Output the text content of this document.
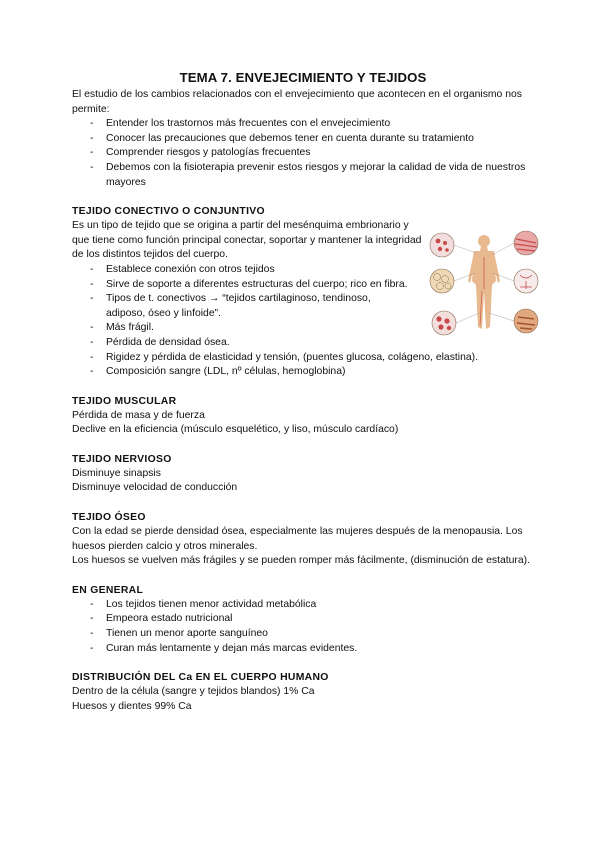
TEMA 7. ENVEJECIMIENTO Y TEJIDOS

El estudio de los cambios relacionados con el envejecimiento que acontecen en el organismo nos permite:

- Entender los trastornos más frecuentes con el envejecimiento
- Conocer las precauciones que debemos tener en cuenta durante su tratamiento
- Comprender riesgos y patologías frecuentes
- Debemos con la fisioterapia prevenir estos riesgos y mejorar la calidad de vida de nuestros mayores
TEJIDO CONECTIVO O CONJUNTIVO

Es un tipo de tejido que se origina a partir del mesénquima embrionario y que tiene como función principal conectar, soportar y mantener la integridad de los distintos tejidos del cuerpo.

- Establece conexión con otros tejidos
- Sirve de soporte a diferentes estructuras del cuerpo; rico en fibra.
- Tipos de t. conectivos → “tejidos cartilaginoso, tendinoso, adiposo, óseo y linfoide”.
- Más frágil.
- Pérdida de densidad ósea.
- Rigidez y pérdida de elasticidad y tensión, (puentes glucosa, colágeno, elastina).
- Composición sangre (LDL, nº células, hemoglobina)
TEJIDO MUSCULAR

Pérdida de masa y de fuerza

Declive en la eficiencia (músculo esquelético, y liso, músculo cardíaco)

TEJIDO NERVIOSO

Disminuye sinapsis

Disminuye velocidad de conducción

TEJIDO ÓSEO

Con la edad se pierde densidad ósea, especialmente las mujeres después de la menopausia. Los huesos pierden calcio y otros minerales.

Los huesos se vuelven más frágiles y se pueden romper más fácilmente, (disminución de estatura).

EN GENERAL
- Los tejidos tienen menor actividad metabólica
- Empeora estado nutricional
- Tienen un menor aporte sanguíneo
- Curan más lentamente y dejan más marcas evidentes.
DISTRIBUCIÓN DEL Ca EN EL CUERPO HUMANO

Dentro de la célula (sangre y tejidos blandos) 1% Ca

Huesos y dientes 99% Ca
